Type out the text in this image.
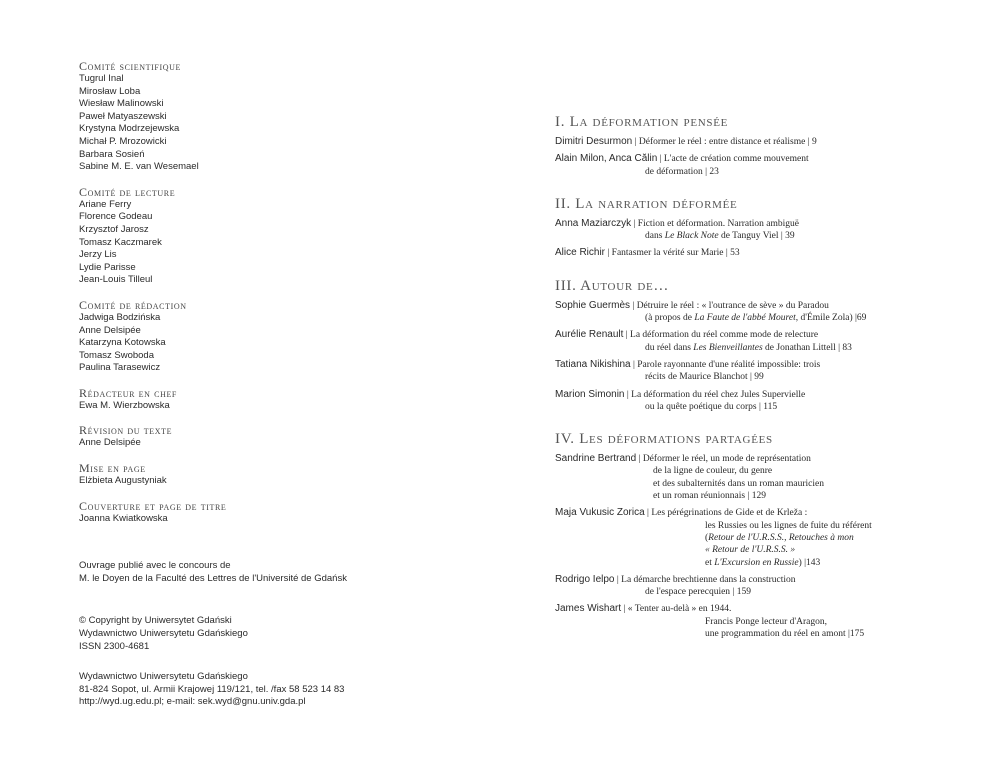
Comité scientifique
Tugrul Inal
Mirosław Loba
Wiesław Malinowski
Paweł Matyaszewski
Krystyna Modrzejewska
Michał P. Mrozowicki
Barbara Sosień
Sabine M. E. van Wesemael
Comité de lecture
Ariane Ferry
Florence Godeau
Krzysztof Jarosz
Tomasz Kaczmarek
Jerzy Lis
Lydie Parisse
Jean-Louis Tilleul
Comité de rédaction
Jadwiga Bodzińska
Anne Delsipée
Katarzyna Kotowska
Tomasz Swoboda
Paulina Tarasewicz
Rédacteur en chef
Ewa M. Wierzbowska
Révision du texte
Anne Delsipée
Mise en page
Elżbieta Augustyniak
Couverture et page de titre
Joanna Kwiatkowska
Ouvrage publié avec le concours de
M. le Doyen de la Faculté des Lettres de l'Université de Gdańsk
© Copyright by Uniwersytet Gdański
Wydawnictwo Uniwersytetu Gdańskiego
ISSN 2300-4681
Wydawnictwo Uniwersytetu Gdańskiego
81-824 Sopot, ul. Armii Krajowej 119/121, tel. /fax 58 523 14 83
http://wyd.ug.edu.pl; e-mail: sek.wyd@gnu.univ.gda.pl
I. La déformation pensée
Dimitri Desurmon | Déformer le réel : entre distance et réalisme | 9
Alain Milon, Anca Călin | L'acte de création comme mouvement
de déformation | 23
II. La narration déformée
Anna Maziarczyk | Fiction et déformation. Narration ambiguë
dans Le Black Note de Tanguy Viel | 39
Alice Richir | Fantasmer la vérité sur Marie | 53
III. Autour de…
Sophie Guermès | Détruire le réel : « l'outrance de sève » du Paradou
(à propos de La Faute de l'abbé Mouret, d'Émile Zola) |69
Aurélie Renault | La déformation du réel comme mode de relecture
du réel dans Les Bienveillantes de Jonathan Littell | 83
Tatiana Nikishina | Parole rayonnante d'une réalité impossible: trois
récits de Maurice Blanchot | 99
Marion Simonin | La déformation du réel chez Jules Supervielle
ou la quête poétique du corps | 115
IV. Les déformations partagées
Sandrine Bertrand | Déformer le réel, un mode de représentation
de la ligne de couleur, du genre
et des subalternités dans un roman mauricien
et un roman réunionnais | 129
Maja Vukusic Zorica | Les pérégrinations de Gide et de Krleža :
les Russies ou les lignes de fuite du référent
(Retour de l'U.R.S.S., Retouches à mon
« Retour de l'U.R.S.S. »
et L'Excursion en Russie) |143
Rodrigo Ielpo | La démarche brechtienne dans la construction
de l'espace perecquien | 159
James Wishart | « Tenter au-delà » en 1944.
Francis Ponge lecteur d'Aragon,
une programmation du réel en amont |175
